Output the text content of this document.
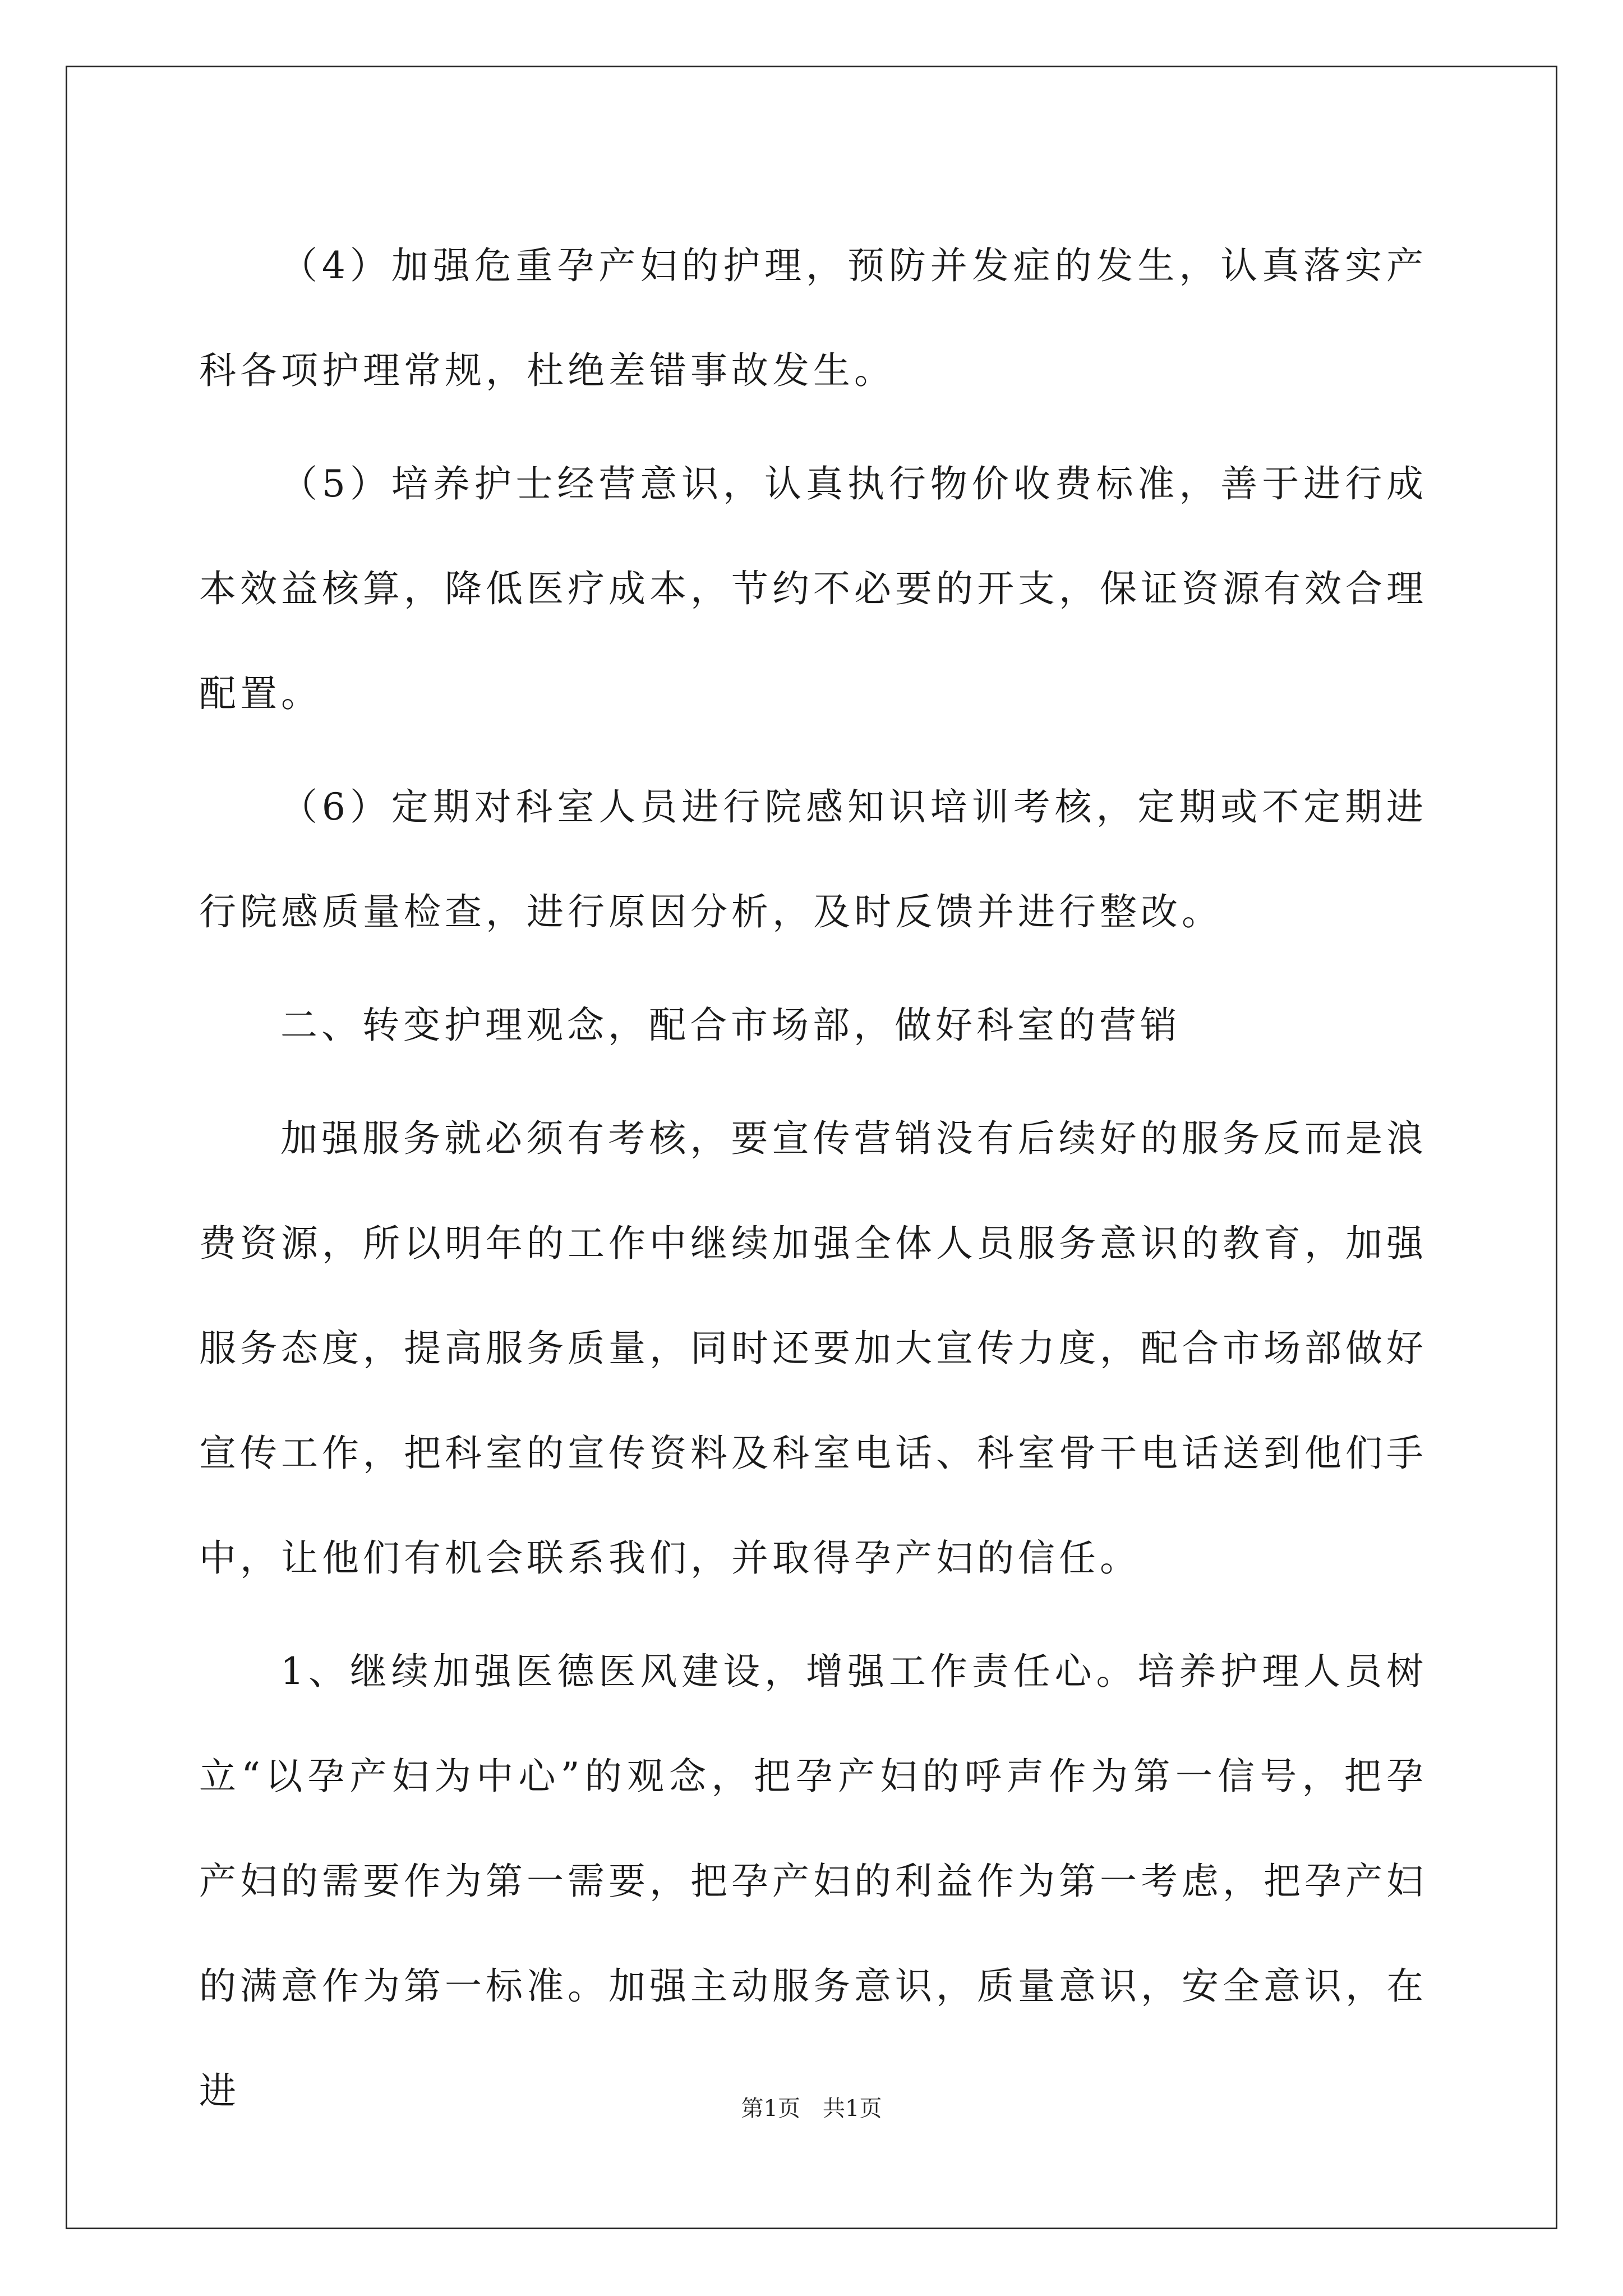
（4）加强危重孕产妇的护理，预防并发症的发生，认真落实产科各项护理常规，杜绝差错事故发生。

（5）培养护士经营意识，认真执行物价收费标准，善于进行成本效益核算，降低医疗成本，节约不必要的开支，保证资源有效合理配置。

（6）定期对科室人员进行院感知识培训考核，定期或不定期进行院感质量检查，进行原因分析，及时反馈并进行整改。

二、转变护理观念，配合市场部，做好科室的营销

加强服务就必须有考核，要宣传营销没有后续好的服务反而是浪费资源，所以明年的工作中继续加强全体人员服务意识的教育，加强服务态度，提高服务质量，同时还要加大宣传力度，配合市场部做好宣传工作，把科室的宣传资料及科室电话、科室骨干电话送到他们手中，让他们有机会联系我们，并取得孕产妇的信任。

1、继续加强医德医风建设，增强工作责任心。培养护理人员树立“以孕产妇为中心”的观念，把孕产妇的呼声作为第一信号，把孕产妇的需要作为第一需要，把孕产妇的利益作为第一考虑，把孕产妇的满意作为第一标准。加强主动服务意识，质量意识，安全意识，在进	第1页　共1页
